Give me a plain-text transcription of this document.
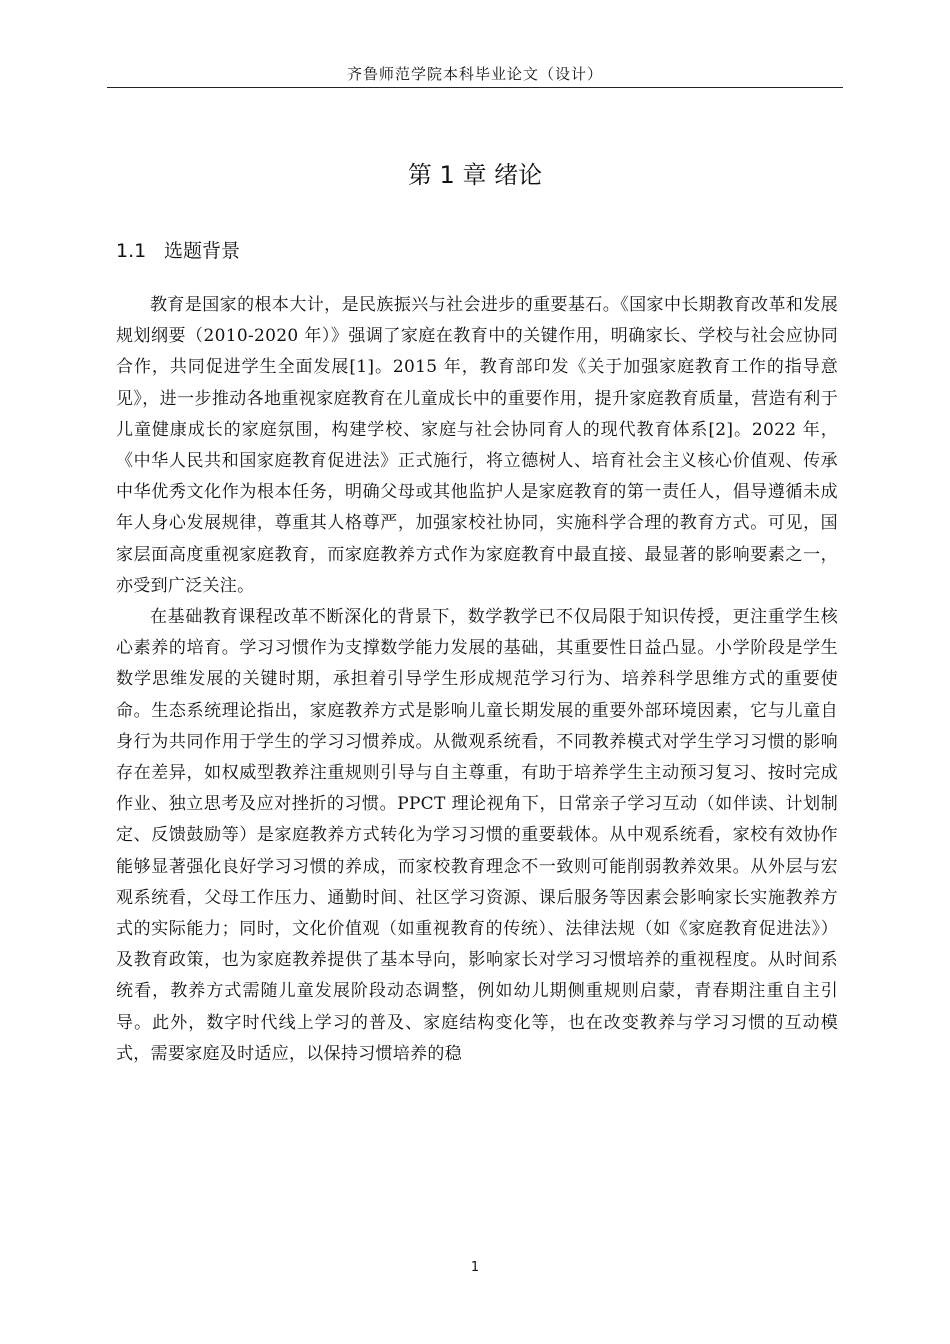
齐鲁师范学院本科毕业论文（设计）
第 1 章 绪论
1.1 选题背景

教育是国家的根本大计，是民族振兴与社会进步的重要基石。《国家中长期教育改革和发展规划纲要（2010-2020 年）》强调了家庭在教育中的关键作用，明确家长、学校与社会应协同合作，共同促进学生全面发展[1]。2015 年，教育部印发《关于加强家庭教育工作的指导意见》，进一步推动各地重视家庭教育在儿童成长中的重要作用，提升家庭教育质量，营造有利于儿童健康成长的家庭氛围，构建学校、家庭与社会协同育人的现代教育体系[2]。2022 年，《中华人民共和国家庭教育促进法》正式施行，将立德树人、培育社会主义核心价值观、传承中华优秀文化作为根本任务，明确父母或其他监护人是家庭教育的第一责任人，倡导遵循未成年人身心发展规律，尊重其人格尊严，加强家校社协同，实施科学合理的教育方式。可见，国家层面高度重视家庭教育，而家庭教养方式作为家庭教育中最直接、最显著的影响要素之一，亦受到广泛关注。

在基础教育课程改革不断深化的背景下，数学教学已不仅局限于知识传授，更注重学生核心素养的培育。学习习惯作为支撑数学能力发展的基础，其重要性日益凸显。小学阶段是学生数学思维发展的关键时期，承担着引导学生形成规范学习行为、培养科学思维方式的重要使命。生态系统理论指出，家庭教养方式是影响儿童长期发展的重要外部环境因素，它与儿童自身行为共同作用于学生的学习习惯养成。从微观系统看，不同教养模式对学生学习习惯的影响存在差异，如权威型教养注重规则引导与自主尊重，有助于培养学生主动预习复习、按时完成作业、独立思考及应对挫折的习惯。PPCT 理论视角下，日常亲子学习互动（如伴读、计划制定、反馈鼓励等）是家庭教养方式转化为学习习惯的重要载体。从中观系统看，家校有效协作能够显著强化良好学习习惯的养成，而家校教育理念不一致则可能削弱教养效果。从外层与宏观系统看，父母工作压力、通勤时间、社区学习资源、课后服务等因素会影响家长实施教养方式的实际能力；同时，文化价值观（如重视教育的传统）、法律法规（如《家庭教育促进法》）及教育政策，也为家庭教养提供了基本导向，影响家长对学习习惯培养的重视程度。从时间系统看，教养方式需随儿童发展阶段动态调整，例如幼儿期侧重规则启蒙，青春期注重自主引导。此外，数字时代线上学习的普及、家庭结构变化等，也在改变教养与学习习惯的互动模式，需要家庭及时适应，以保持习惯培养的稳

1
